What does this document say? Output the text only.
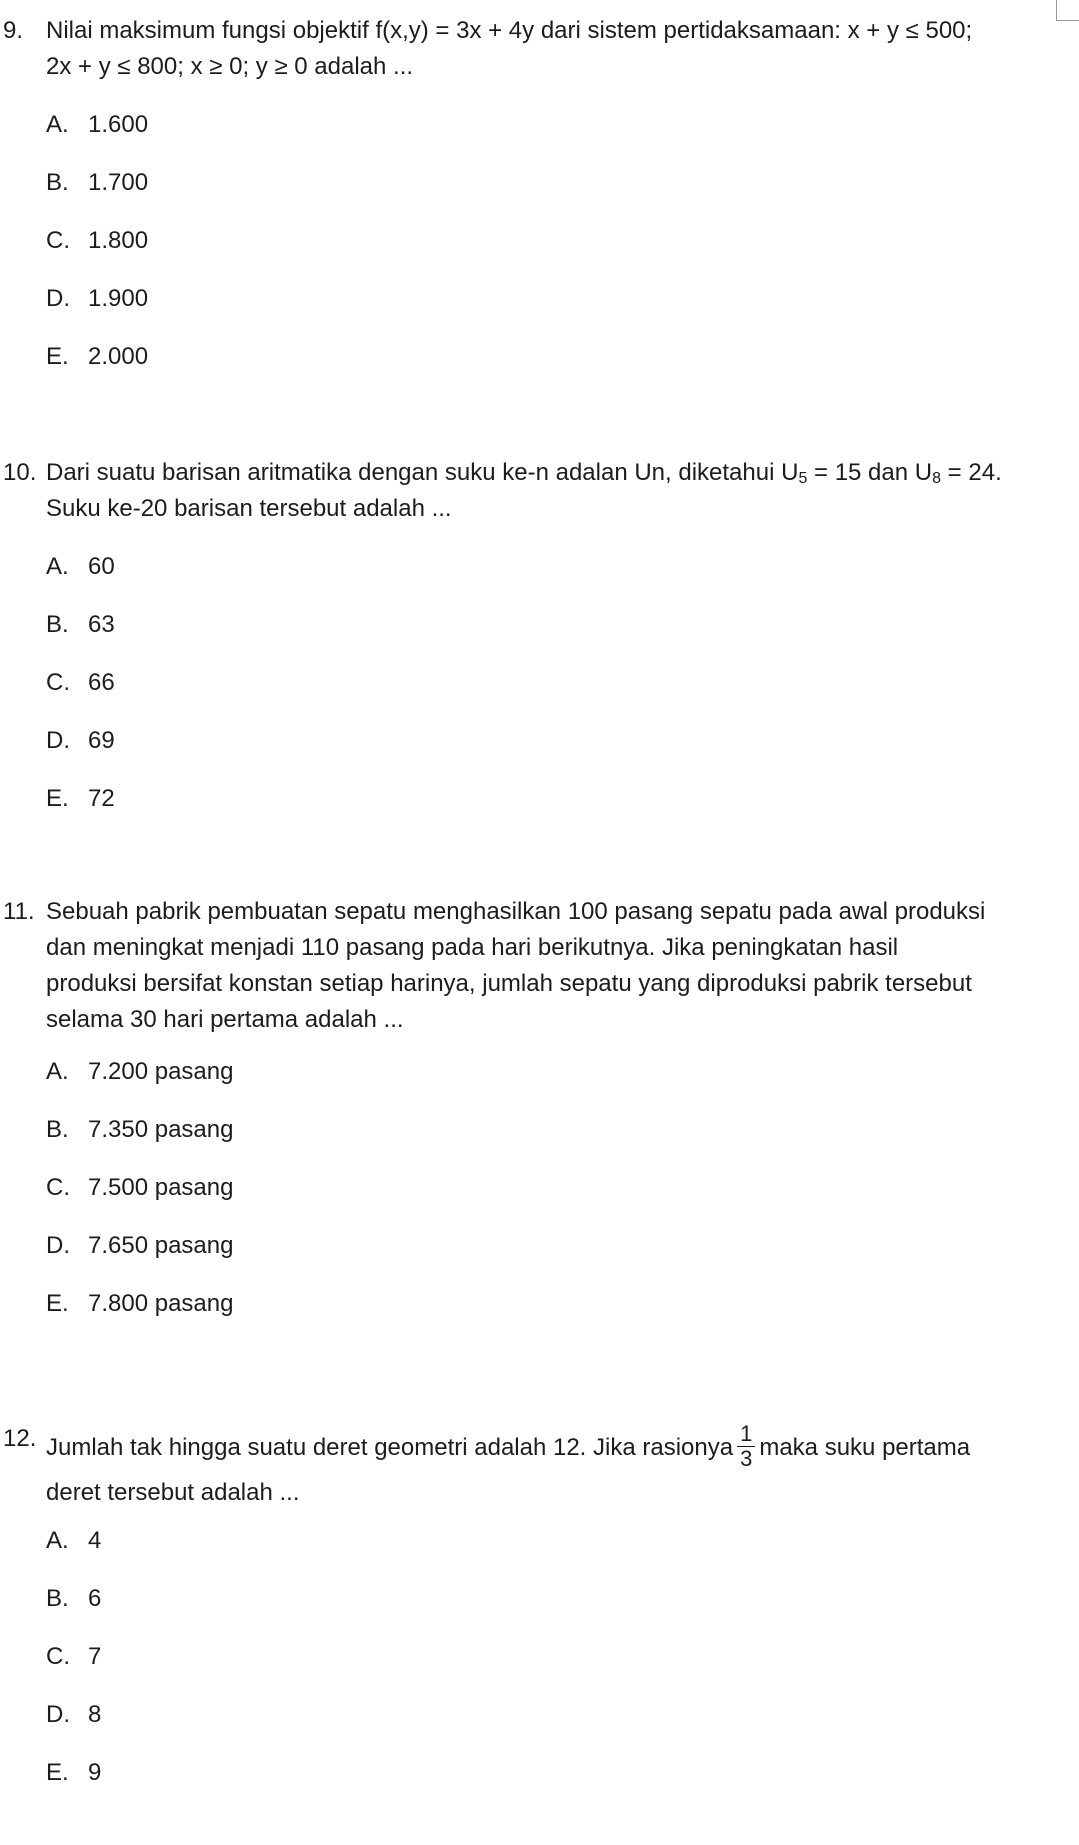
9. Nilai maksimum fungsi objektif f(x,y) = 3x + 4y dari sistem pertidaksamaan: x + y ≤ 500;
2x + y ≤ 800; x ≥ 0; y ≥ 0 adalah ...
A. 1.600
B. 1.700
C. 1.800
D. 1.900
E. 2.000
10. Dari suatu barisan aritmatika dengan suku ke-n adalan Un, diketahui $U_5 = 15$ dan $U_8 = 24$.
Suku ke-20 barisan tersebut adalah ...
A. 60
B. 63
C. 66
D. 69
E. 72
11. Sebuah pabrik pembuatan sepatu menghasilkan 100 pasang sepatu pada awal produksi
dan meningkat menjadi 110 pasang pada hari berikutnya. Jika peningkatan hasil
produksi bersifat konstan setiap harinya, jumlah sepatu yang diproduksi pabrik tersebut
selama 30 hari pertama adalah ...
A. 7.200 pasang
B. 7.350 pasang
C. 7.500 pasang
D. 7.650 pasang
E. 7.800 pasang
12. Jumlah tak hingga suatu deret geometri adalah 12. Jika rasionya $\frac{1}{3}$ maka suku pertama
deret tersebut adalah ...
A. 4
B. 6
C. 7
D. 8
E. 9
